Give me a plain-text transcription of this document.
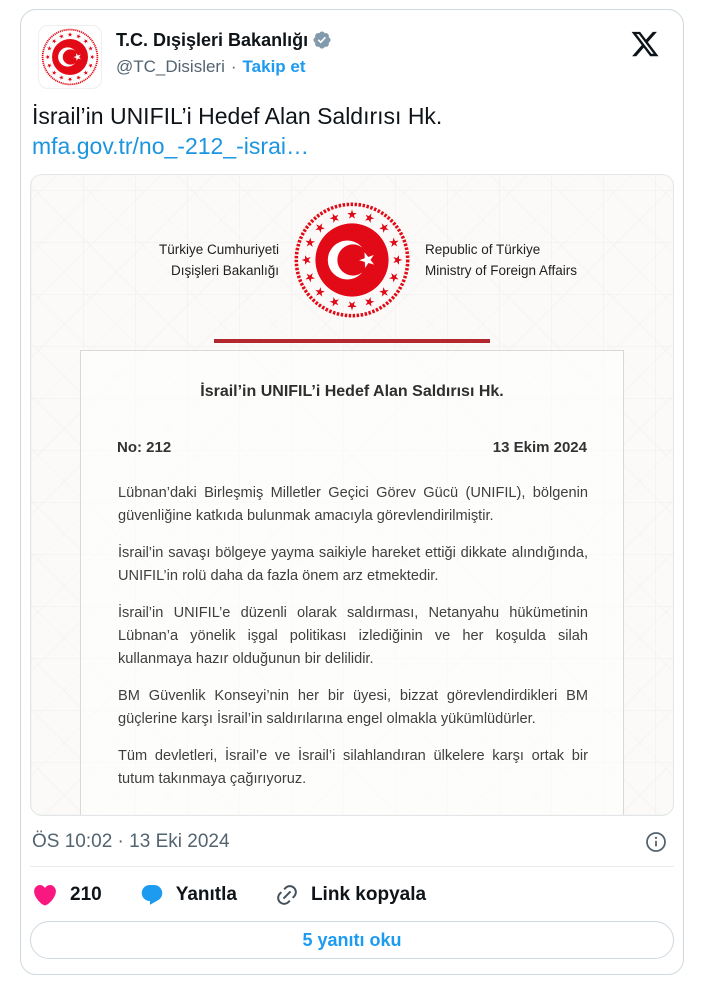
T.C. Dışişleri Bakanlığı
@TC_Disisleri · Takip et
İsrail’in UNIFIL’i Hedef Alan Saldırısı Hk.
mfa.gov.tr/no_-212_-israi…
Türkiye Cumhuriyeti
Dışişleri Bakanlığı
Republic of Türkiye
Ministry of Foreign Affairs
İsrail’in UNIFIL’i Hedef Alan Saldırısı Hk.
No: 212	13 Ekim 2024

Lübnan’daki Birleşmiş Milletler Geçici Görev Gücü (UNIFIL), bölgenin güvenliğine katkıda bulunmak amacıyla görevlendirilmiştir.

İsrail’in savaşı bölgeye yayma saikiyle hareket ettiği dikkate alındığında, UNIFIL’in rolü daha da fazla önem arz etmektedir.

İsrail’in UNIFIL’e düzenli olarak saldırması, Netanyahu hükümetinin Lübnan’a yönelik işgal politikası izlediğinin ve her koşulda silah kullanmaya hazır olduğunun bir delilidir.

BM Güvenlik Konseyi’nin her bir üyesi, bizzat görevlendirdikleri BM güçlerine karşı İsrail’in saldırılarına engel olmakla yükümlüdürler.

Tüm devletleri, İsrail’e ve İsrail’i silahlandıran ülkelere karşı ortak bir tutum takınmaya çağırıyoruz.

ÖS 10:02 · 13 Eki 2024
210	Yanıtla	Link kopyala
5 yanıtı oku
